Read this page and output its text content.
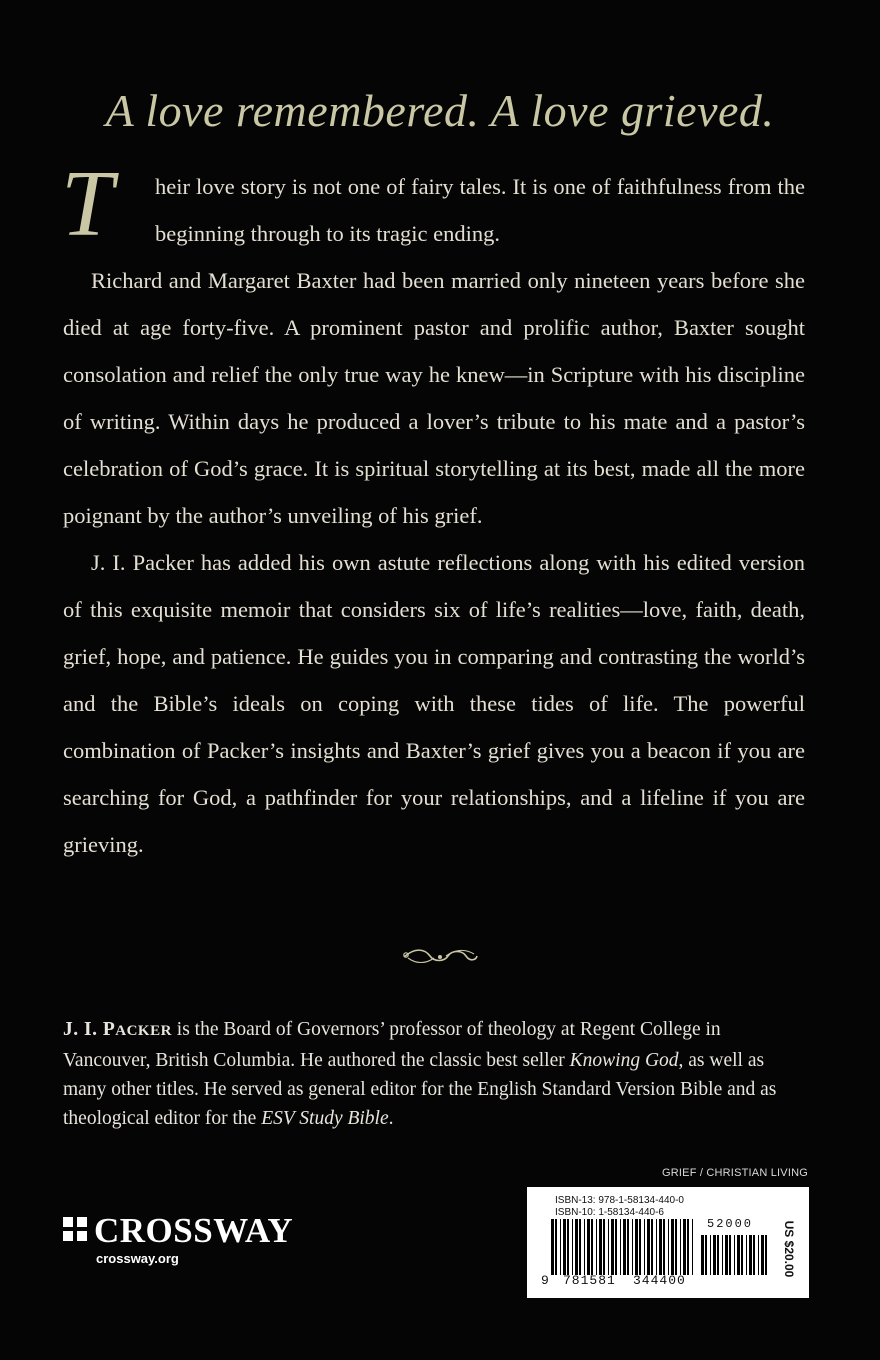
A love remembered. A love grieved.

T heir love story is not one of fairy tales. It is one of faithfulness from the beginning through to its tragic ending.

Richard and Margaret Baxter had been married only nineteen years before she died at age forty-five. A prominent pastor and prolific author, Baxter sought consolation and relief the only true way he knew—in Scripture with his discipline of writing. Within days he produced a lover’s tribute to his mate and a pastor’s celebration of God’s grace. It is spiritual storytelling at its best, made all the more poignant by the author’s unveiling of his grief.

J. I. Packer has added his own astute reflections along with his edited version of this exquisite memoir that considers six of life’s realities—love, faith, death, grief, hope, and patience. He guides you in comparing and contrasting the world’s and the Bible’s ideals on coping with these tides of life. The powerful combination of Packer’s insights and Baxter’s grief gives you a beacon if you are searching for God, a pathfinder for your relationships, and a lifeline if you are grieving.

J. I. PACKER is the Board of Governors’ professor of theology at Regent College in Vancouver, British Columbia. He authored the classic best seller Knowing God, as well as many other titles. He served as general editor for the English Standard Version Bible and as theological editor for the ESV Study Bible.
GRIEF / CHRISTIAN LIVING
CROSSWAY
crossway.org
ISBN-13: 978-1-58134-440-0
ISBN-10: 1-58134-440-6
52000
9 781581 344400
US $20.00
